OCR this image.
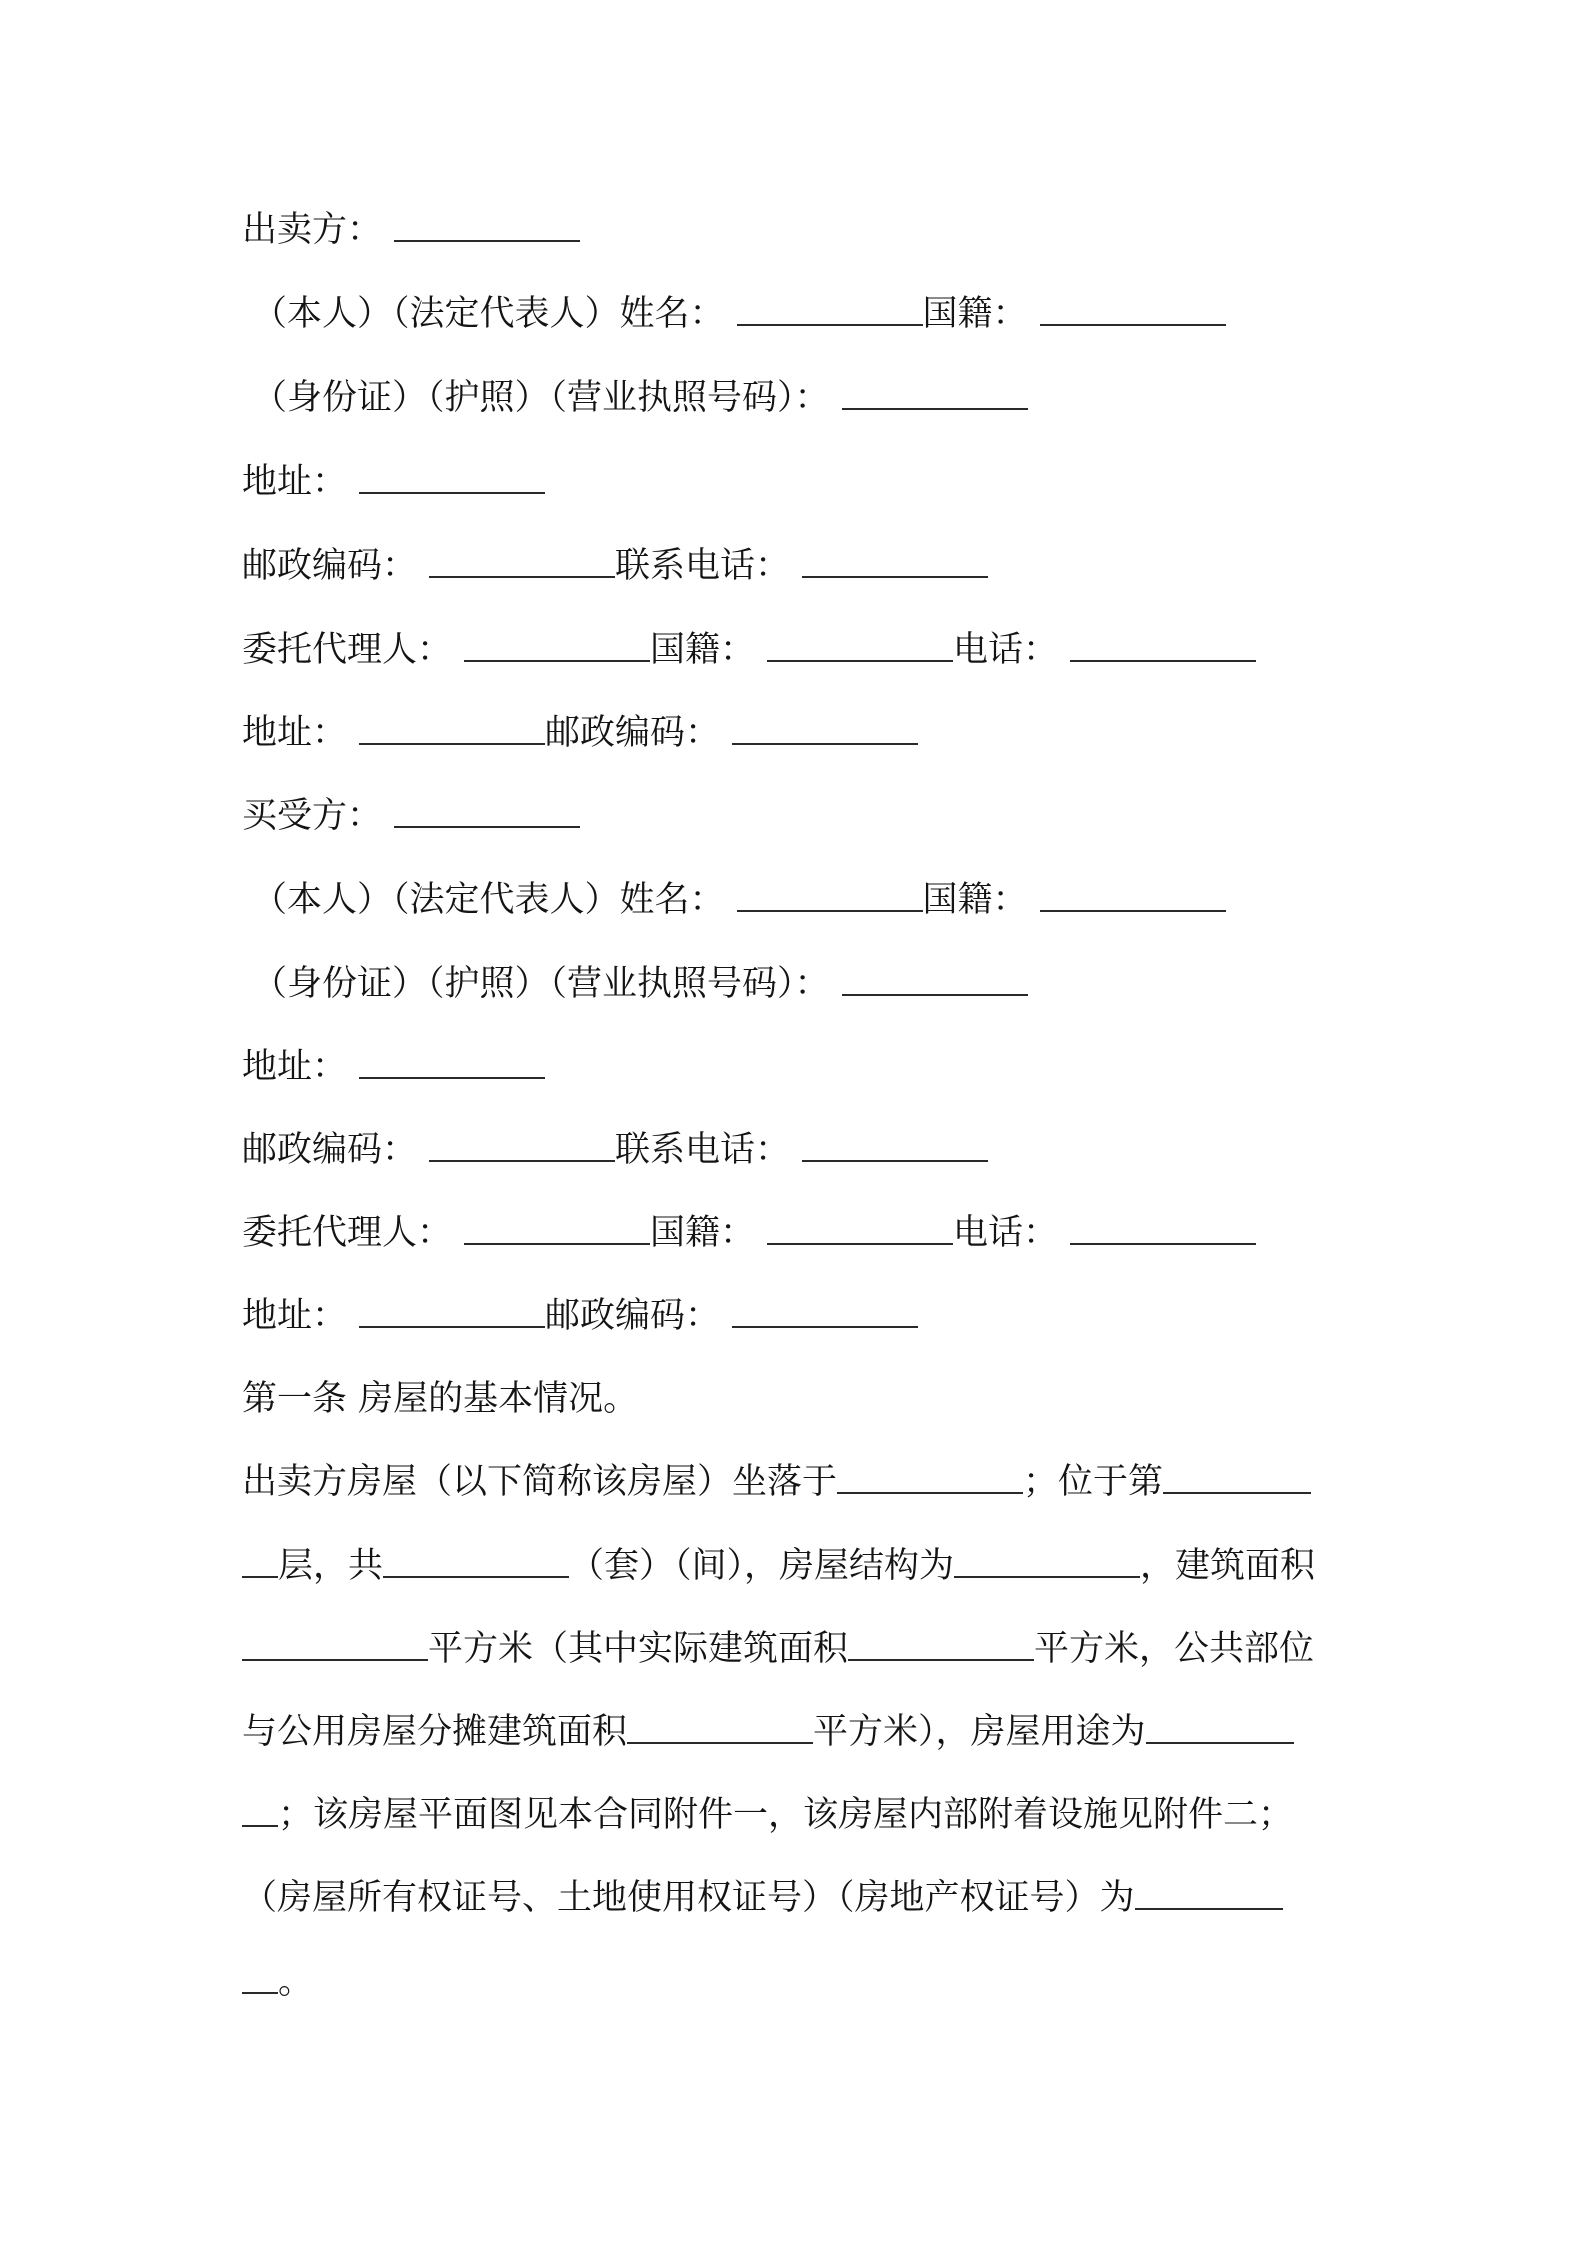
出卖方：
（本人）（法定代表人）姓名：	国籍：
（身份证）（护照）（营业执照号码）：
地址：
邮政编码：	联系电话：
委托代理人：	国籍：	电话：
地址：	邮政编码：
买受方：
（本人）（法定代表人）姓名：	国籍：
（身份证）（护照）（营业执照号码）：
地址：
邮政编码：	联系电话：
委托代理人：	国籍：	电话：
地址：	邮政编码：
第一条 房屋的基本情况。
出卖方房屋（以下简称该房屋）坐落于	；位于第
层，共	（套）（间），房屋结构为	，建筑面积
平方米（其中实际建筑面积	平方米，公共部位
与公用房屋分摊建筑面积	平方米），房屋用途为
；该房屋平面图见本合同附件一，该房屋内部附着设施见附件二；
（房屋所有权证号、土地使用权证号）（房地产权证号）为
。
